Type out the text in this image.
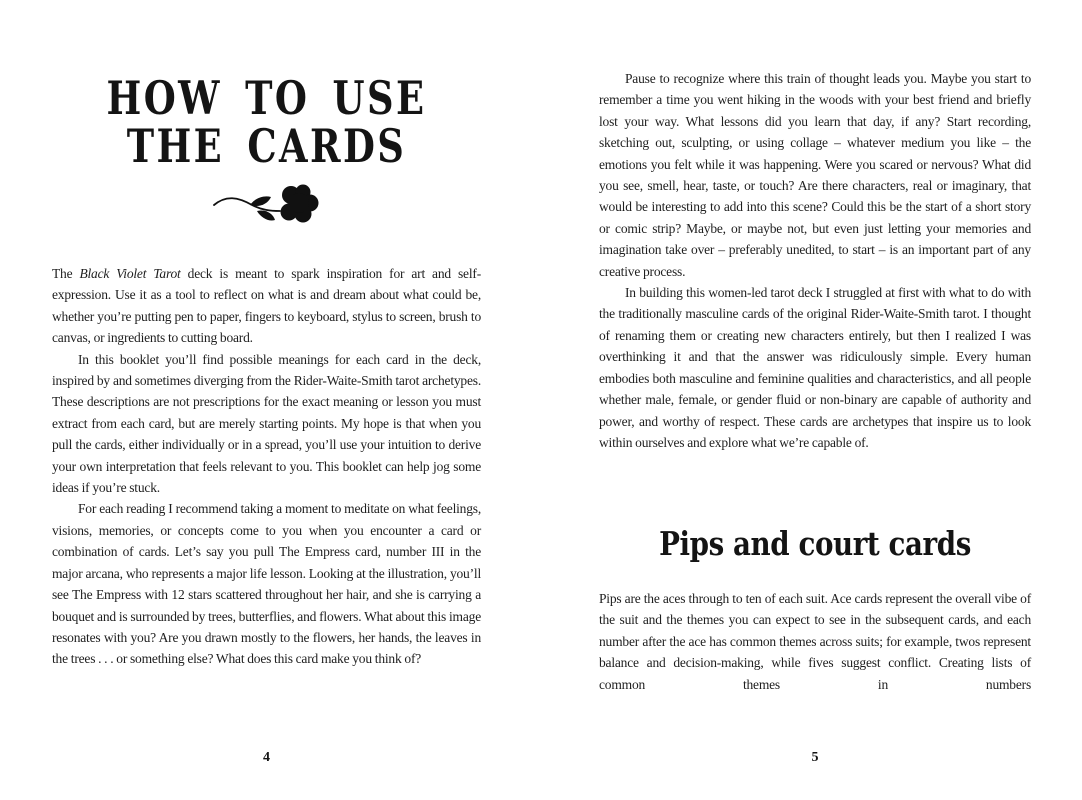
HOW TO USE
THE CARDS

The Black Violet Tarot deck is meant to spark inspiration for art and self-expression. Use it as a tool to reflect on what is and dream about what could be, whether you’re putting pen to paper, fingers to keyboard, stylus to screen, brush to canvas, or ingredients to cutting board.

In this booklet you’ll find possible meanings for each card in the deck, inspired by and sometimes diverging from the Rider-Waite-Smith tarot archetypes. These descriptions are not prescriptions for the exact meaning or lesson you must extract from each card, but are merely starting points. My hope is that when you pull the cards, either individually or in a spread, you’ll use your intuition to derive your own interpretation that feels relevant to you. This booklet can help jog some ideas if you’re stuck.

For each reading I recommend taking a moment to meditate on what feelings, visions, memories, or concepts come to you when you encounter a card or combination of cards. Let’s say you pull The Empress card, number III in the major arcana, who represents a major life lesson. Looking at the illustration, you’ll see The Empress with 12 stars scattered throughout her hair, and she is carrying a bouquet and is surrounded by trees, butterflies, and flowers. What about this image resonates with you? Are you drawn mostly to the flowers, her hands, the leaves in the trees . . . or something else? What does this card make you think of?

4

Pause to recognize where this train of thought leads you. Maybe you start to remember a time you went hiking in the woods with your best friend and briefly lost your way. What lessons did you learn that day, if any? Start recording, sketching out, sculpting, or using collage – whatever medium you like – the emotions you felt while it was happening. Were you scared or nervous? What did you see, smell, hear, taste, or touch? Are there characters, real or imaginary, that would be interesting to add into this scene? Could this be the start of a short story or comic strip? Maybe, or maybe not, but even just letting your memories and imagination take over – preferably unedited, to start – is an important part of any creative process.

In building this women-led tarot deck I struggled at first with what to do with the traditionally masculine cards of the original Rider-Waite-Smith tarot. I thought of renaming them or creating new characters entirely, but then I realized I was overthinking it and that the answer was ridiculously simple. Every human embodies both masculine and feminine qualities and characteristics, and all people whether male, female, or gender fluid or non-binary are capable of authority and power, and worthy of respect. These cards are archetypes that inspire us to look within ourselves and explore what we’re capable of.

Pips and court cards

Pips are the aces through to ten of each suit. Ace cards represent the overall vibe of the suit and the themes you can expect to see in the subsequent cards, and each number after the ace has common themes across suits; for example, twos represent balance and decision-making, while fives suggest conflict. Creating lists of common themes in numbers

5
